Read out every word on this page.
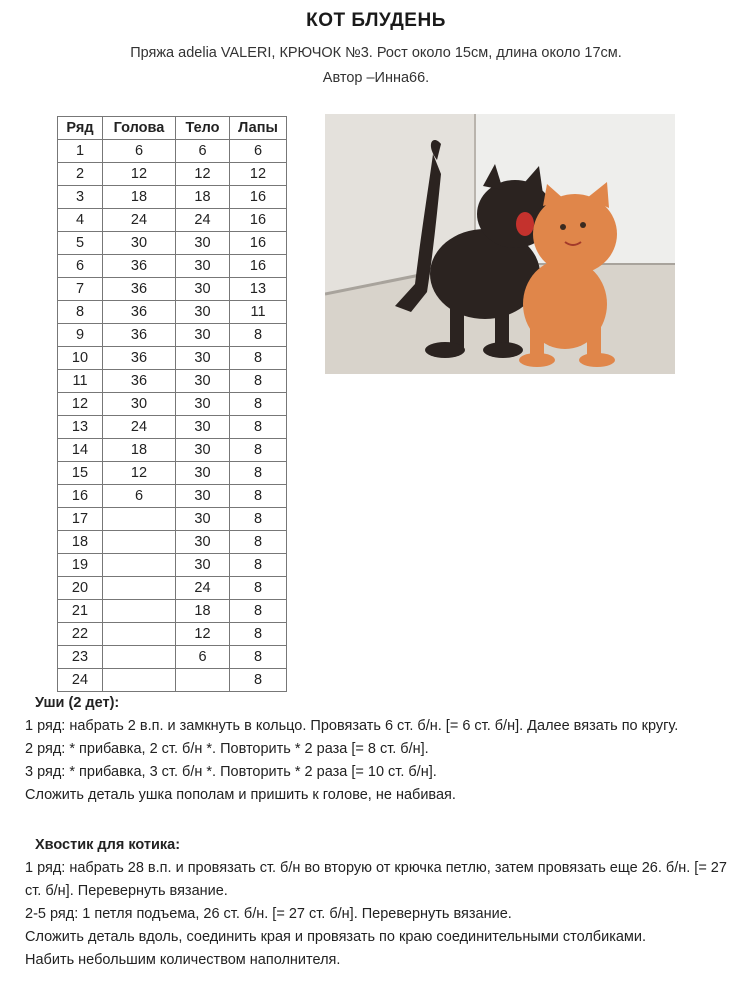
КОТ БЛУДЕНЬ
Пряжа adelia VALERI, КРЮЧОК №3. Рост около 15см, длина около 17см.
Автор –Инна66.
Ряд	Голова	Тело	Лапы
1	6	6	6
2	12	12	12
3	18	18	16
4	24	24	16
5	30	30	16
6	36	30	16
7	36	30	13
8	36	30	11
9	36	30	8
10	36	30	8
11	36	30	8
12	30	30	8
13	24	30	8
14	18	30	8
15	12	30	8
16	6	30	8
17		30	8
18		30	8
19		30	8
20		24	8
21		18	8
22		12	8
23		6	8
24			8

Уши (2 дет):

1 ряд: набрать 2 в.п. и замкнуть в кольцо. Провязать 6 ст. б/н. [= 6 ст. б/н]. Далее вязать по кругу.

2 ряд: * прибавка, 2 ст. б/н *. Повторить * 2 раза [= 8 ст. б/н].

3 ряд: * прибавка, 3 ст. б/н *. Повторить * 2 раза [= 10 ст. б/н].

Сложить деталь ушка пополам и пришить к голове, не набивая.

Хвостик для котика:

1 ряд: набрать 28 в.п. и провязать ст. б/н во вторую от крючка петлю, затем провязать еще 26. б/н. [= 27 ст. б/н]. Перевернуть вязание.

2-5 ряд: 1 петля подъема, 26 ст. б/н. [= 27 ст. б/н]. Перевернуть вязание.

Сложить деталь вдоль, соединить края и провязать по краю соединительными столбиками.

Набить небольшим количеством наполнителя.
